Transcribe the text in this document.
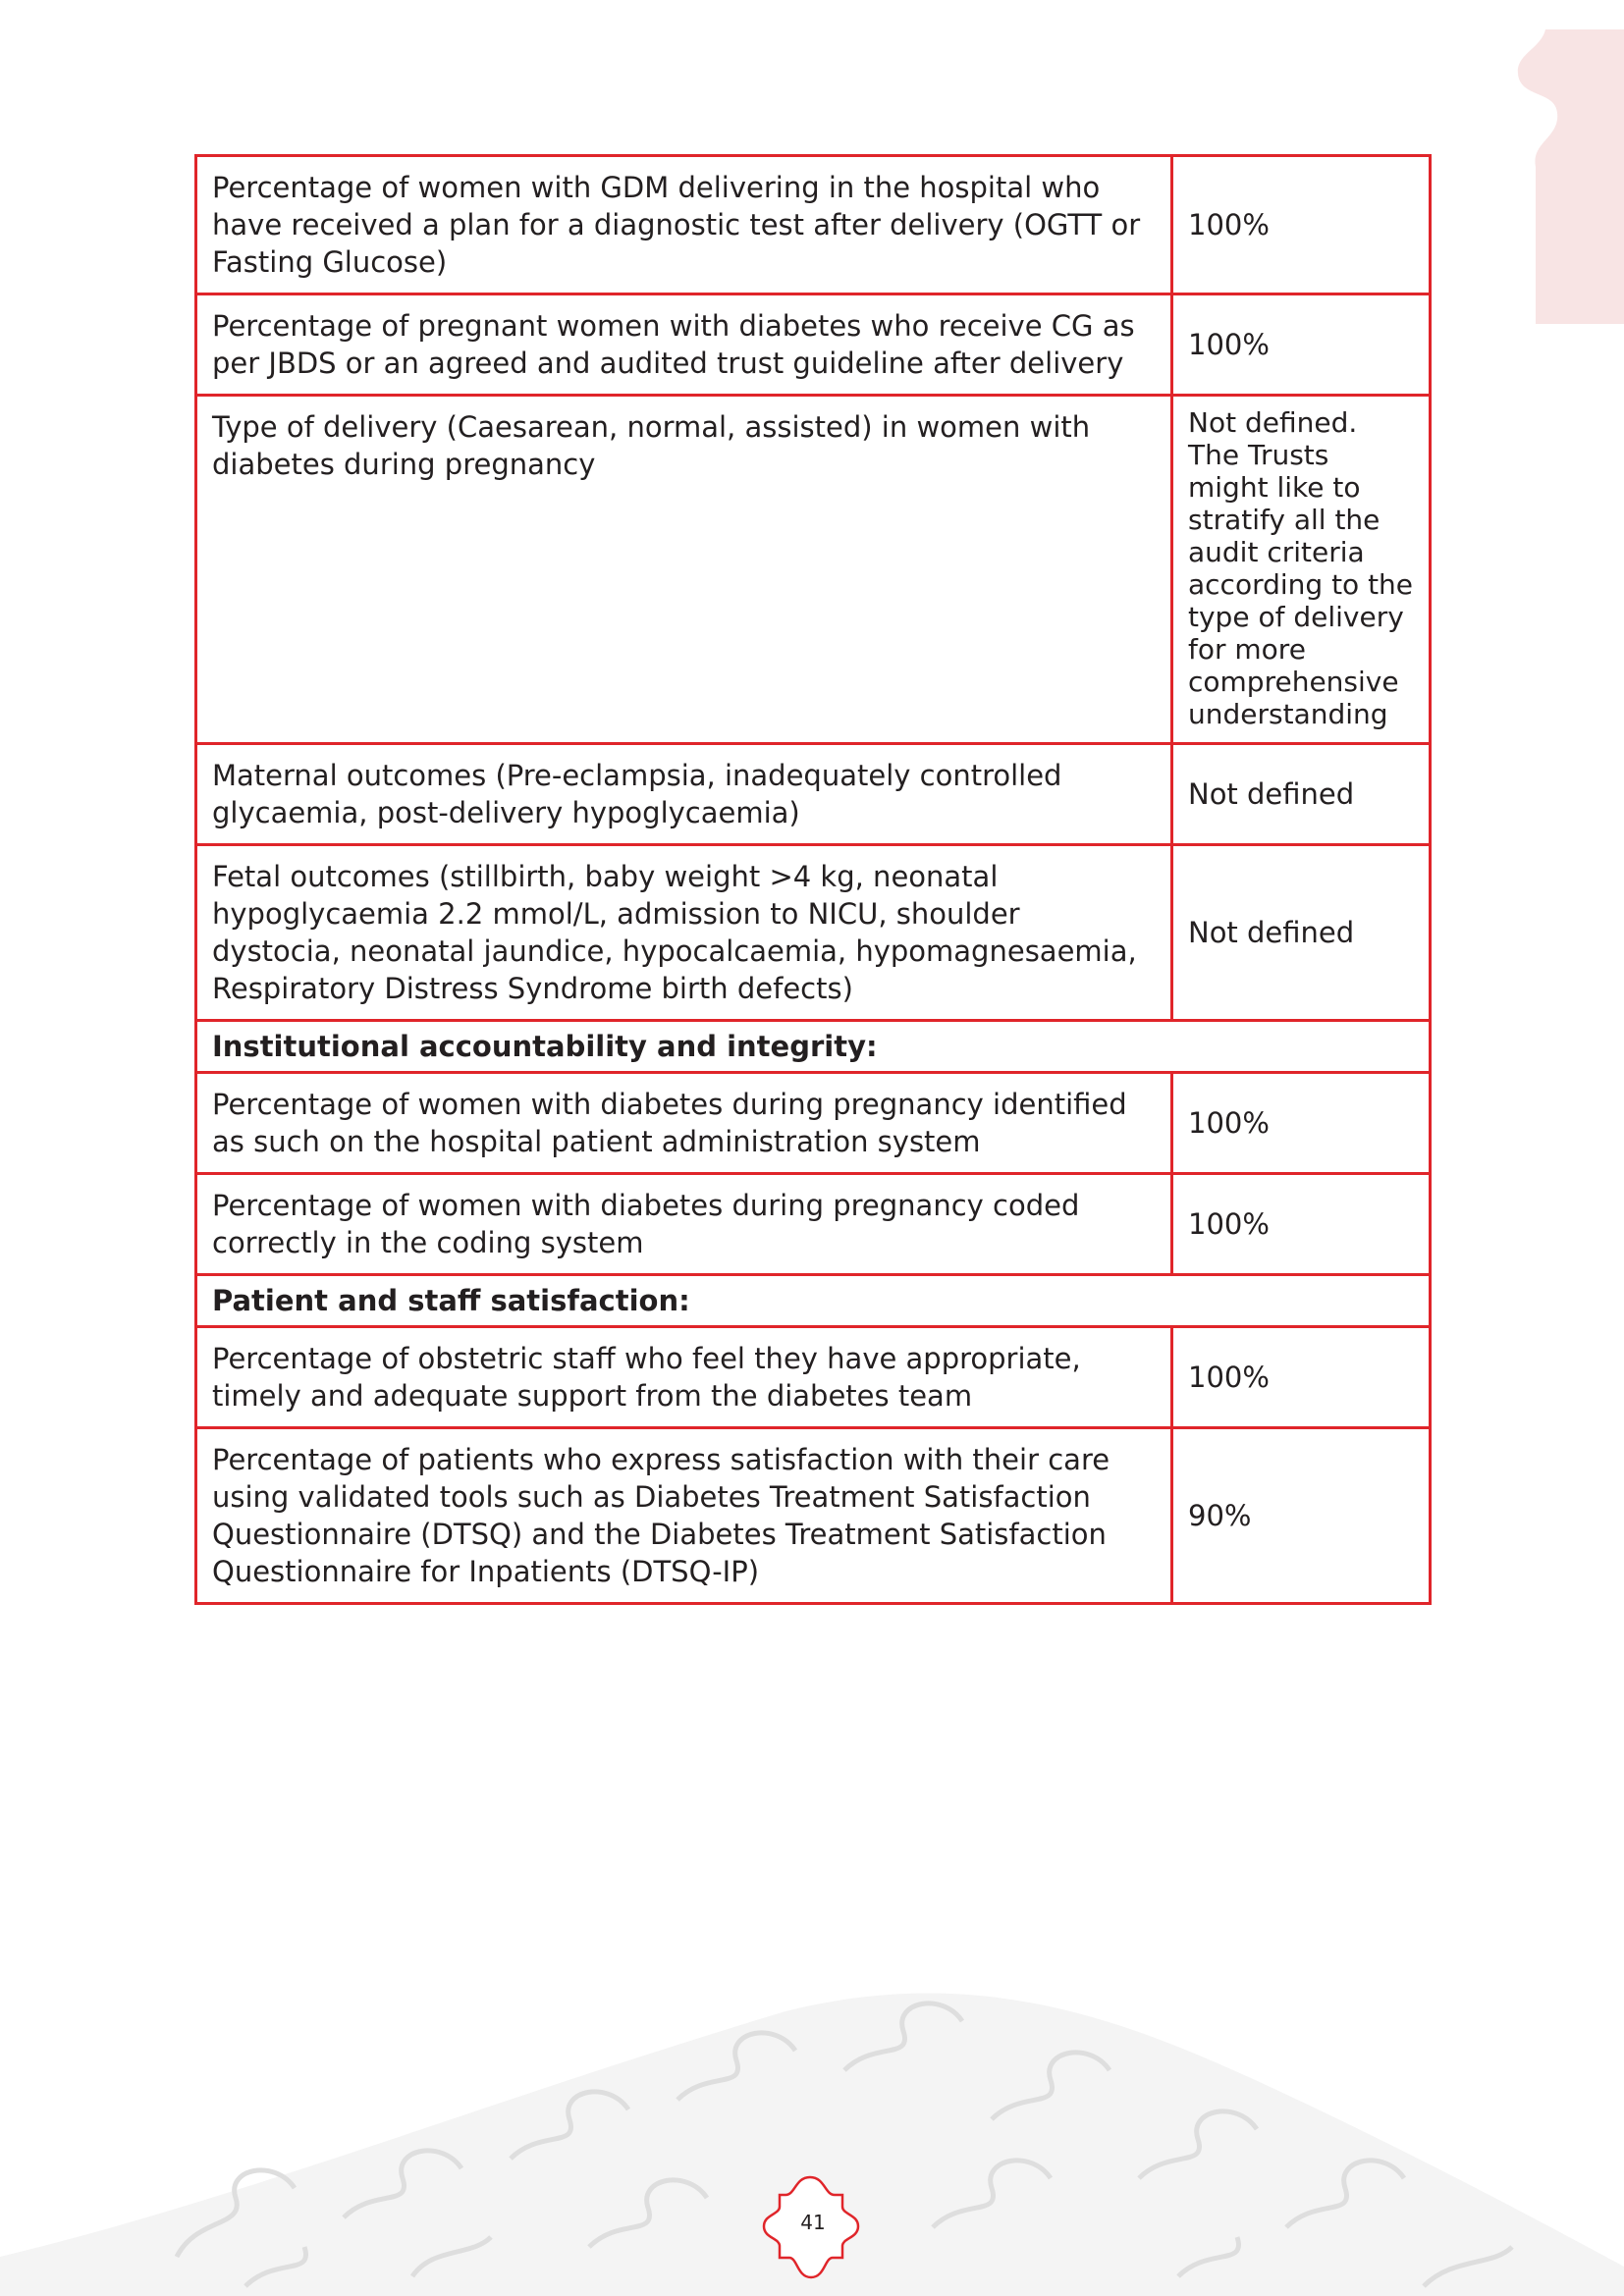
Percentage of women with GDM delivering in the hospital who have received a plan for a diagnostic test after delivery (OGTT or Fasting Glucose)	100%
Percentage of pregnant women with diabetes who receive CG as per JBDS or an agreed and audited trust guideline after delivery	100%
Type of delivery (Caesarean, normal, assisted) in women with diabetes during pregnancy	Not defined. The Trusts might like to stratify all the audit criteria according to the type of delivery for more comprehensive understanding
Maternal outcomes (Pre-eclampsia, inadequately controlled glycaemia, post-delivery hypoglycaemia)	Not defined
Fetal outcomes (stillbirth, baby weight >4 kg, neonatal hypoglycaemia 2.2 mmol/L, admission to NICU, shoulder dystocia, neonatal jaundice, hypocalcaemia, hypomagnesaemia, Respiratory Distress Syndrome birth defects)	Not defined
Institutional accountability and integrity:	
Percentage of women with diabetes during pregnancy identified as such on the hospital patient administration system	100%
Percentage of women with diabetes during pregnancy coded correctly in the coding system	100%
Patient and staff satisfaction:	
Percentage of obstetric staff who feel they have appropriate, timely and adequate support from the diabetes team	100%
Percentage of patients who express satisfaction with their care using validated tools such as Diabetes Treatment Satisfaction Questionnaire (DTSQ) and the Diabetes Treatment Satisfaction Questionnaire for Inpatients (DTSQ-IP)	90%
41
